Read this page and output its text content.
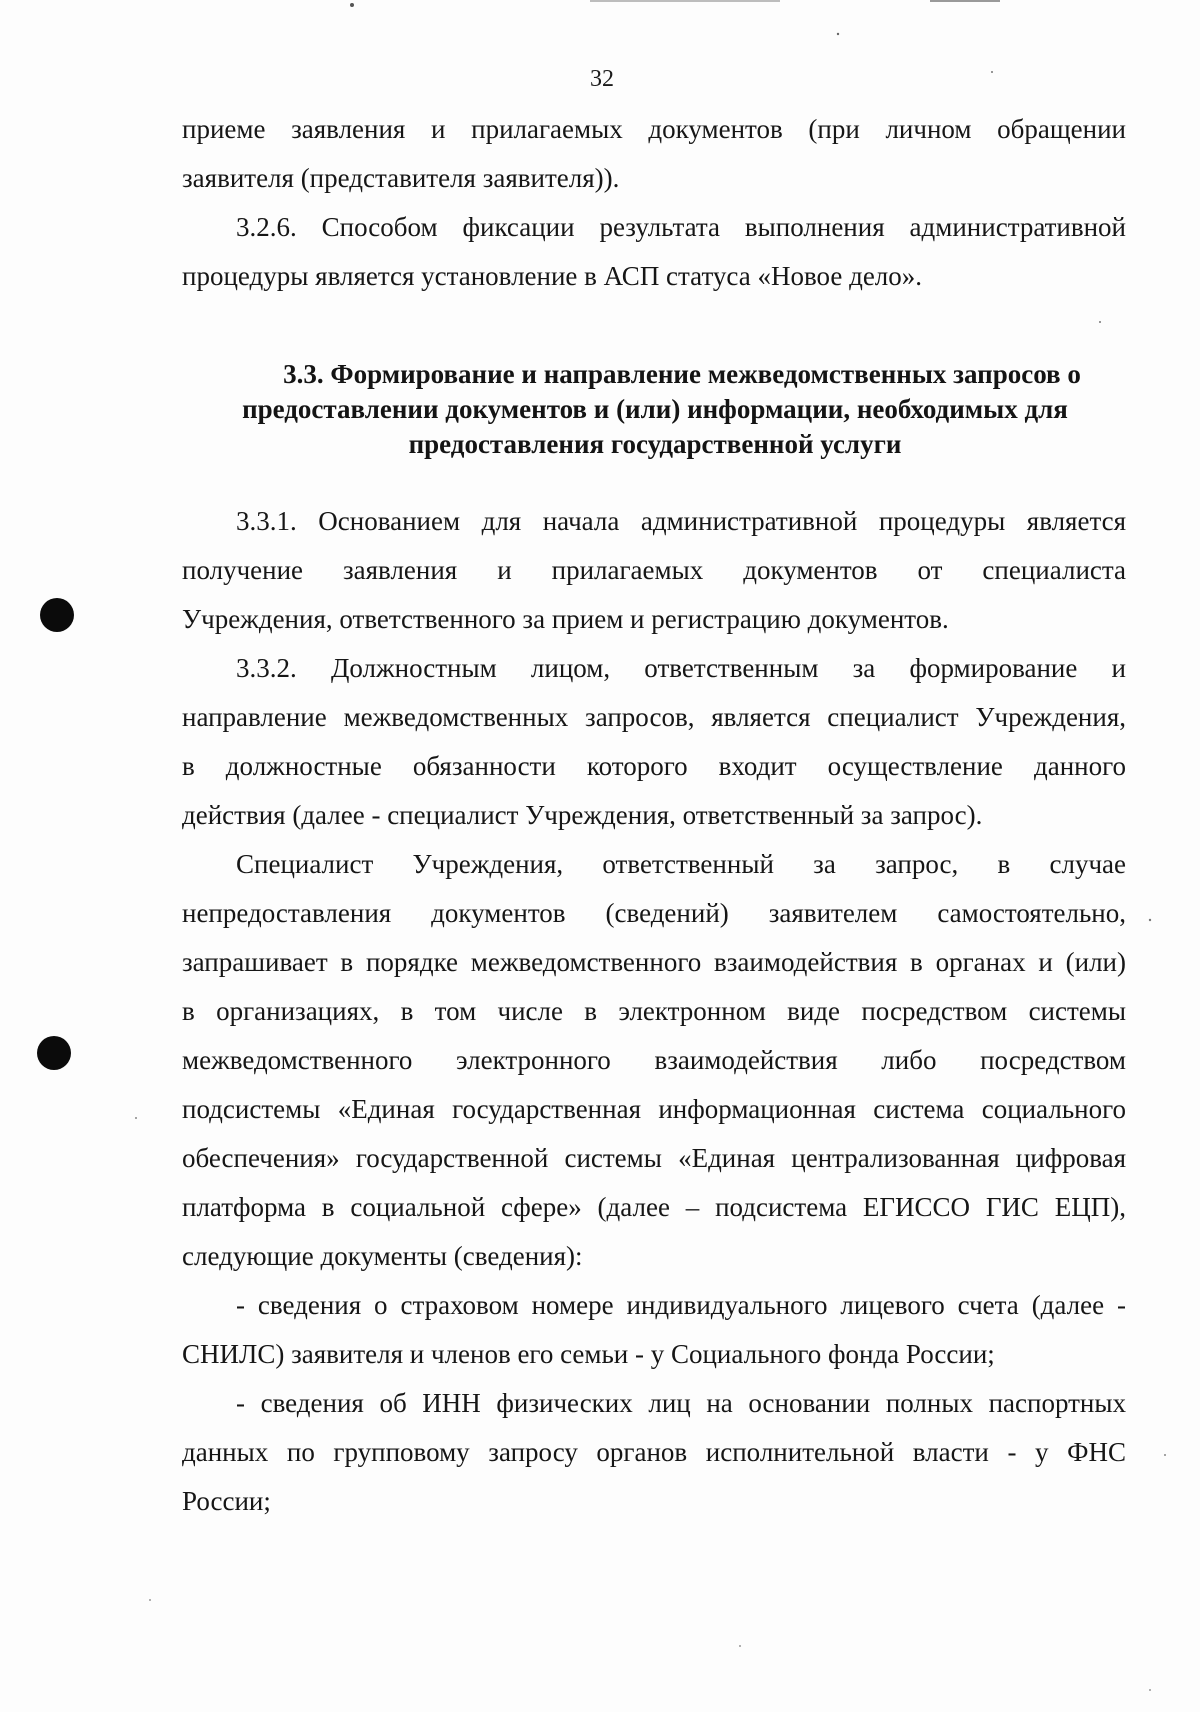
32
приеме заявления и прилагаемых документов (при личном обращении
заявителя (представителя заявителя)).
3.2.6. Способом фиксации результата выполнения административной
процедуры является установление в АСП статуса «Новое дело».
3.3. Формирование и направление межведомственных запросов о
предоставлении документов и (или) информации, необходимых для
предоставления государственной услуги
3.3.1. Основанием для начала административной процедуры является
получение заявления и прилагаемых документов от специалиста
Учреждения, ответственного за прием и регистрацию документов.
3.3.2. Должностным лицом, ответственным за формирование и
направление межведомственных запросов, является специалист Учреждения,
в должностные обязанности которого входит осуществление данного
действия (далее - специалист Учреждения, ответственный за запрос).
Специалист Учреждения, ответственный за запрос, в случае
непредоставления документов (сведений) заявителем самостоятельно,
запрашивает в порядке межведомственного взаимодействия в органах и (или)
в организациях, в том числе в электронном виде посредством системы
межведомственного электронного взаимодействия либо посредством
подсистемы «Единая государственная информационная система социального
обеспечения» государственной системы «Единая централизованная цифровая
платформа в социальной сфере» (далее – подсистема ЕГИССО ГИС ЕЦП),
следующие документы (сведения):
- сведения о страховом номере индивидуального лицевого счета (далее -
СНИЛС) заявителя и членов его семьи - у Социального фонда России;
- сведения об ИНН физических лиц на основании полных паспортных
данных по групповому запросу органов исполнительной власти - у ФНС
России;
